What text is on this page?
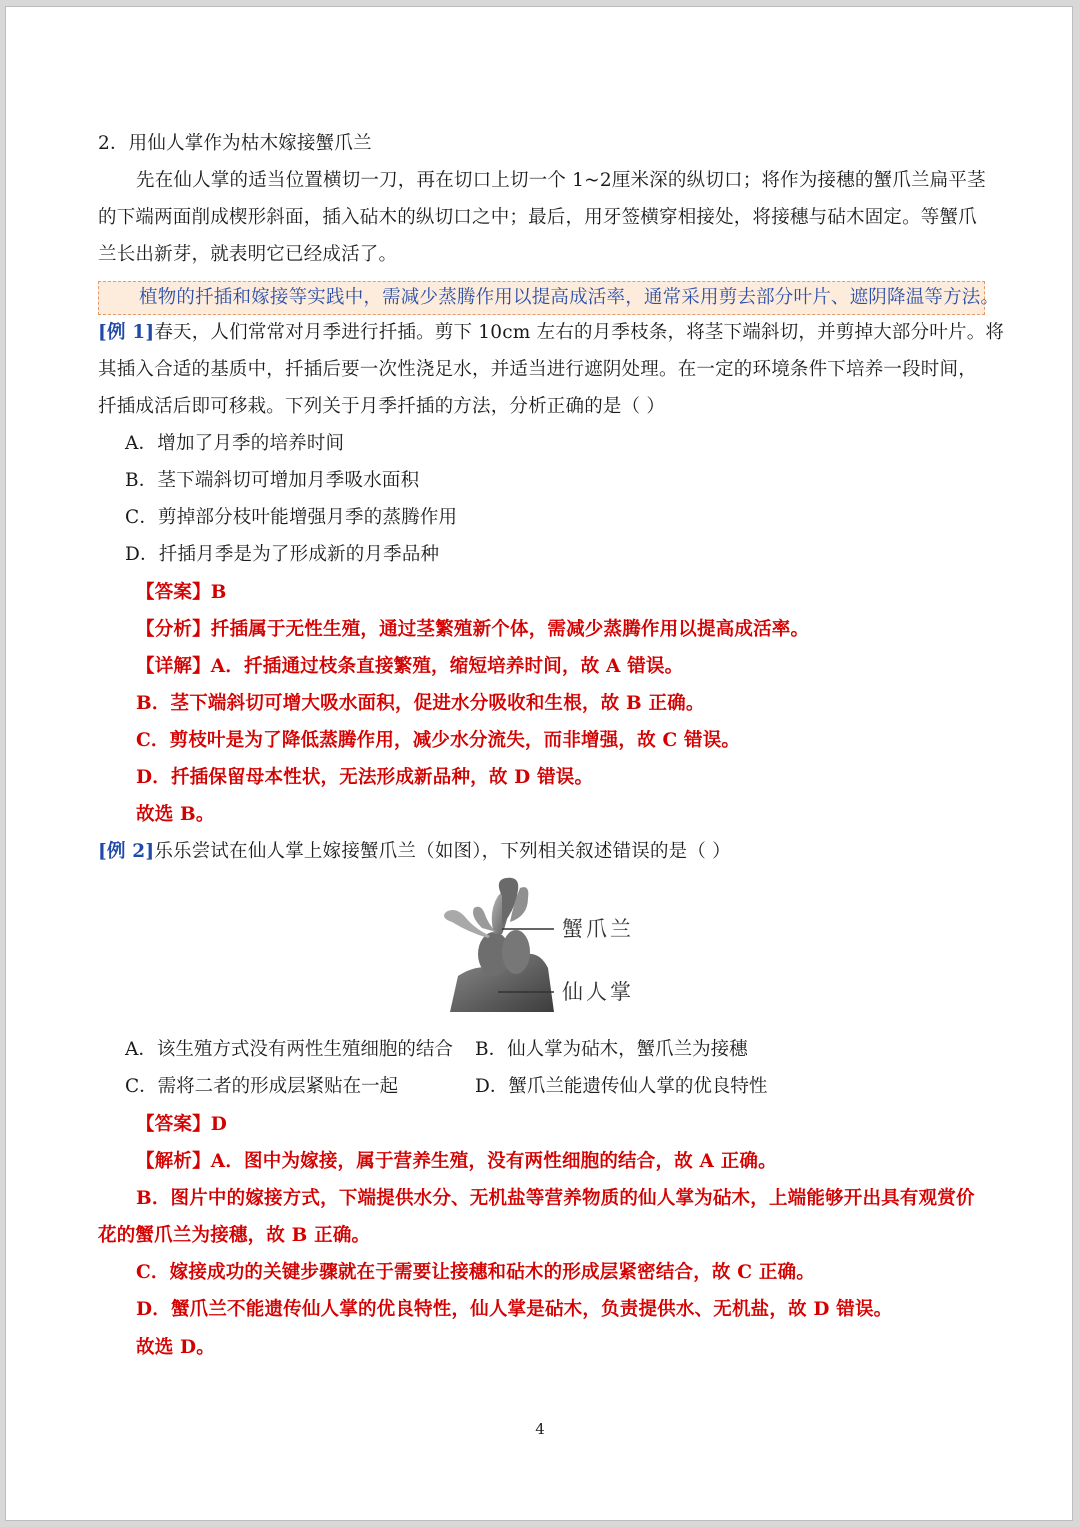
2．用仙人掌作为枯木嫁接蟹爪兰
先在仙人掌的适当位置横切一刀，再在切口上切一个 1~2厘米深的纵切口；将作为接穗的蟹爪兰扁平茎
的下端两面削成楔形斜面，插入砧木的纵切口之中；最后，用牙签横穿相接处，将接穗与砧木固定。等蟹爪
兰长出新芽，就表明它已经成活了。
植物的扦插和嫁接等实践中，需减少蒸腾作用以提高成活率，通常采用剪去部分叶片、遮阴降温等方法。
[例 1]春天，人们常常对月季进行扦插。剪下 10cm 左右的月季枝条，将茎下端斜切，并剪掉大部分叶片。将
其插入合适的基质中，扦插后要一次性浇足水，并适当进行遮阴处理。在一定的环境条件下培养一段时间，
扦插成活后即可移栽。下列关于月季扦插的方法，分析正确的是（ ）
A．增加了月季的培养时间
B．茎下端斜切可增加月季吸水面积
C．剪掉部分枝叶能增强月季的蒸腾作用
D．扦插月季是为了形成新的月季品种
【答案】B
【分析】扦插属于无性生殖，通过茎繁殖新个体，需减少蒸腾作用以提高成活率。
【详解】A．扦插通过枝条直接繁殖，缩短培养时间，故 A 错误。
B．茎下端斜切可增大吸水面积，促进水分吸收和生根，故 B 正确。
C．剪枝叶是为了降低蒸腾作用，减少水分流失，而非增强，故 C 错误。
D．扦插保留母本性状，无法形成新品种，故 D 错误。
故选 B。
[例 2]乐乐尝试在仙人掌上嫁接蟹爪兰（如图），下列相关叙述错误的是（ ）
蟹爪兰
仙人掌
A．该生殖方式没有两性生殖细胞的结合 B．仙人掌为砧木，蟹爪兰为接穗
C．需将二者的形成层紧贴在一起	D．蟹爪兰能遗传仙人掌的优良特性
【答案】D
【解析】A．图中为嫁接，属于营养生殖，没有两性细胞的结合，故 A 正确。
B．图片中的嫁接方式，下端提供水分、无机盐等营养物质的仙人掌为砧木，上端能够开出具有观赏价
花的蟹爪兰为接穗，故 B 正确。
C．嫁接成功的关键步骤就在于需要让接穗和砧木的形成层紧密结合，故 C 正确。
D．蟹爪兰不能遗传仙人掌的优良特性，仙人掌是砧木，负责提供水、无机盐，故 D 错误。
故选 D。
4
